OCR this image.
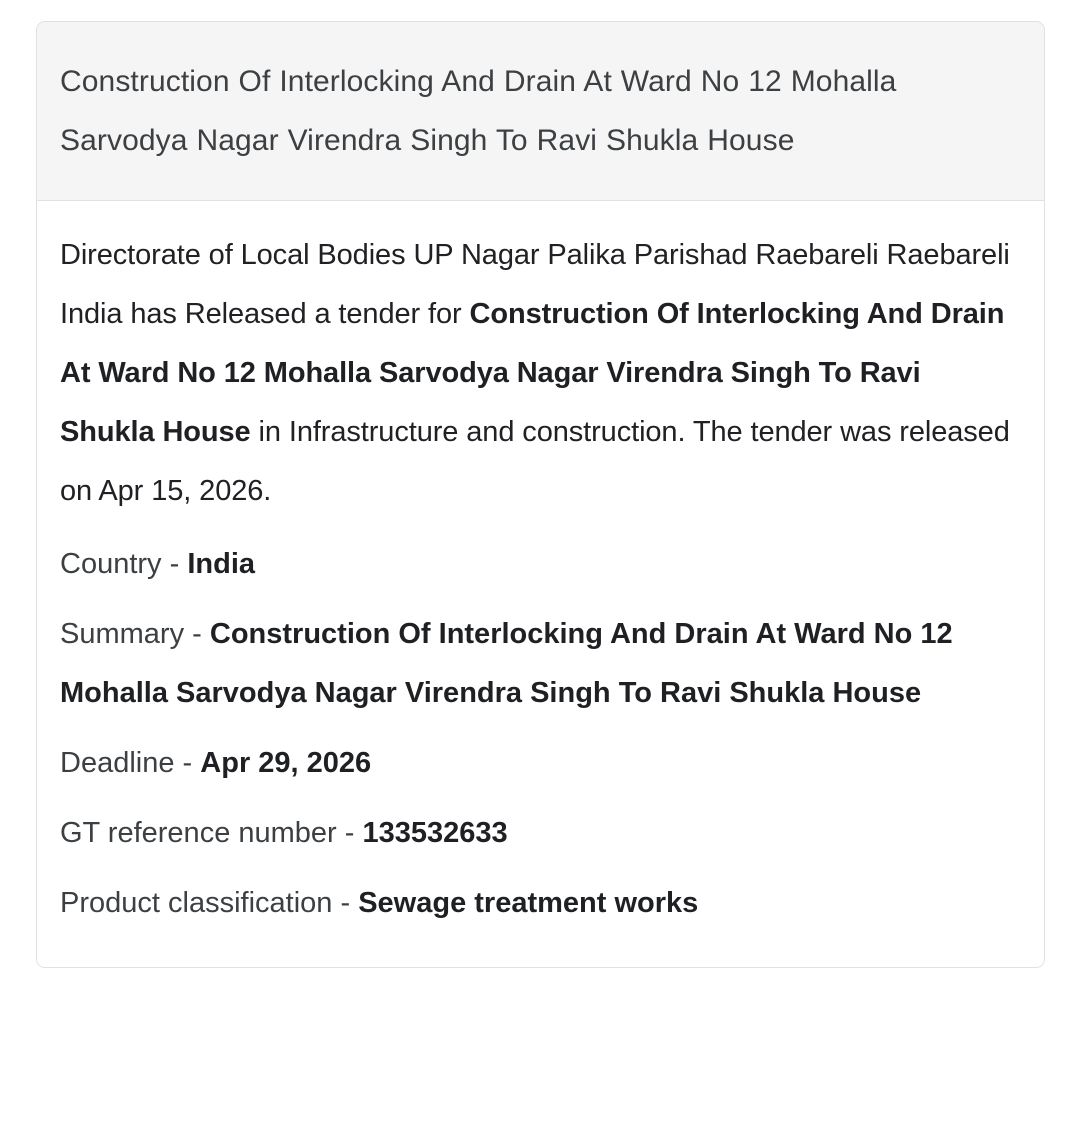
Construction Of Interlocking And Drain At Ward No 12 Mohalla Sarvodya Nagar Virendra Singh To Ravi Shukla House

Directorate of Local Bodies UP Nagar Palika Parishad Raebareli Raebareli India has Released a tender for Construction Of Interlocking And Drain At Ward No 12 Mohalla Sarvodya Nagar Virendra Singh To Ravi Shukla House in Infrastructure and construction. The tender was released on Apr 15, 2026.

Country - India
Summary - Construction Of Interlocking And Drain At Ward No 12 Mohalla Sarvodya Nagar Virendra Singh To Ravi Shukla House
Deadline - Apr 29, 2026
GT reference number - 133532633
Product classification - Sewage treatment works
